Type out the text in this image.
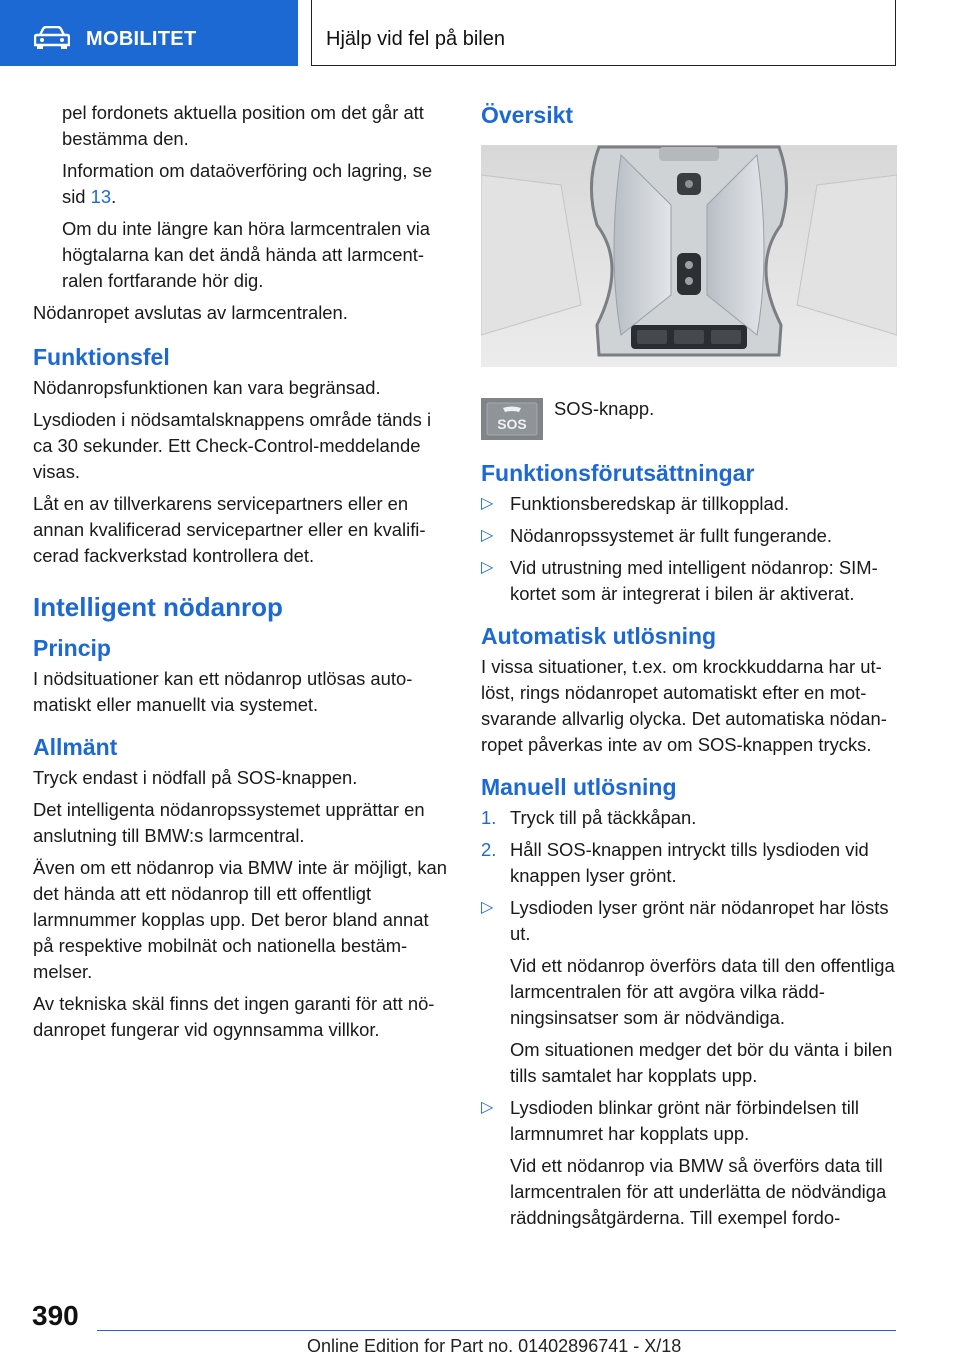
MOBILITET	Hjälp vid fel på bilen

pel fordonets aktuella position om det går att bestämma den.

Information om dataöverföring och lagring, se sid 13.

Om du inte längre kan höra larmcentralen via högtalarna kan det ändå hända att larmcentralen fortfarande hör dig.

Nödanropet avslutas av larmcentralen.

Funktionsfel

Nödanropsfunktionen kan vara begränsad.

Lysdioden i nödsamtalsknappens område tänds i ca 30 sekunder. Ett Check-Control-meddelande visas.

Låt en av tillverkarens servicepartners eller en annan kvalificerad servicepartner eller en kvalificerad fackverkstad kontrollera det.

Intelligent nödanrop
Princip

I nödsituationer kan ett nödanrop utlösas automatiskt eller manuellt via systemet.

Allmänt

Tryck endast i nödfall på SOS-knappen.

Det intelligenta nödanropssystemet upprättar en anslutning till BMW:s larmcentral.

Även om ett nödanrop via BMW inte är möjligt, kan det hända att ett nödanrop till ett offentligt larmnummer kopplas upp. Det beror bland annat på respektive mobilnät och nationella bestämmelser.

Av tekniska skäl finns det ingen garanti för att nödanropet fungerar vid ogynnsamma villkor.

Översikt
SOS
SOS-knapp.
Funktionsförutsättningar
▷ Funktionsberedskap är tillkopplad.

▷ Nödanropssystemet är fullt fungerande.

▷ Vid utrustning med intelligent nödanrop: SIM-kortet som är integrerat i bilen är aktiverat.

Automatisk utlösning

I vissa situationer, t.ex. om krockkuddarna har utlöst, rings nödanropet automatiskt efter en motsvarande allvarlig olycka. Det automatiska nödanropet påverkas inte av om SOS-knappen trycks.

Manuell utlösning
1. Tryck till på täckkåpan.

2. Håll SOS-knappen intryckt tills lysdioden vid knappen lyser grönt.

▷ Lysdioden lyser grönt när nödanropet har lösts ut.

Vid ett nödanrop överförs data till den offentliga larmcentralen för att avgöra vilka räddningsinsatser som är nödvändiga.

Om situationen medger det bör du vänta i bilen tills samtalet har kopplats upp.

▷ Lysdioden blinkar grönt när förbindelsen till larmnumret har kopplats upp.

Vid ett nödanrop via BMW så överförs data till larmcentralen för att underlätta de nödvändiga räddningsåtgärderna. Till exempel fordo-

390
Online Edition for Part no. 01402896741 - X/18
